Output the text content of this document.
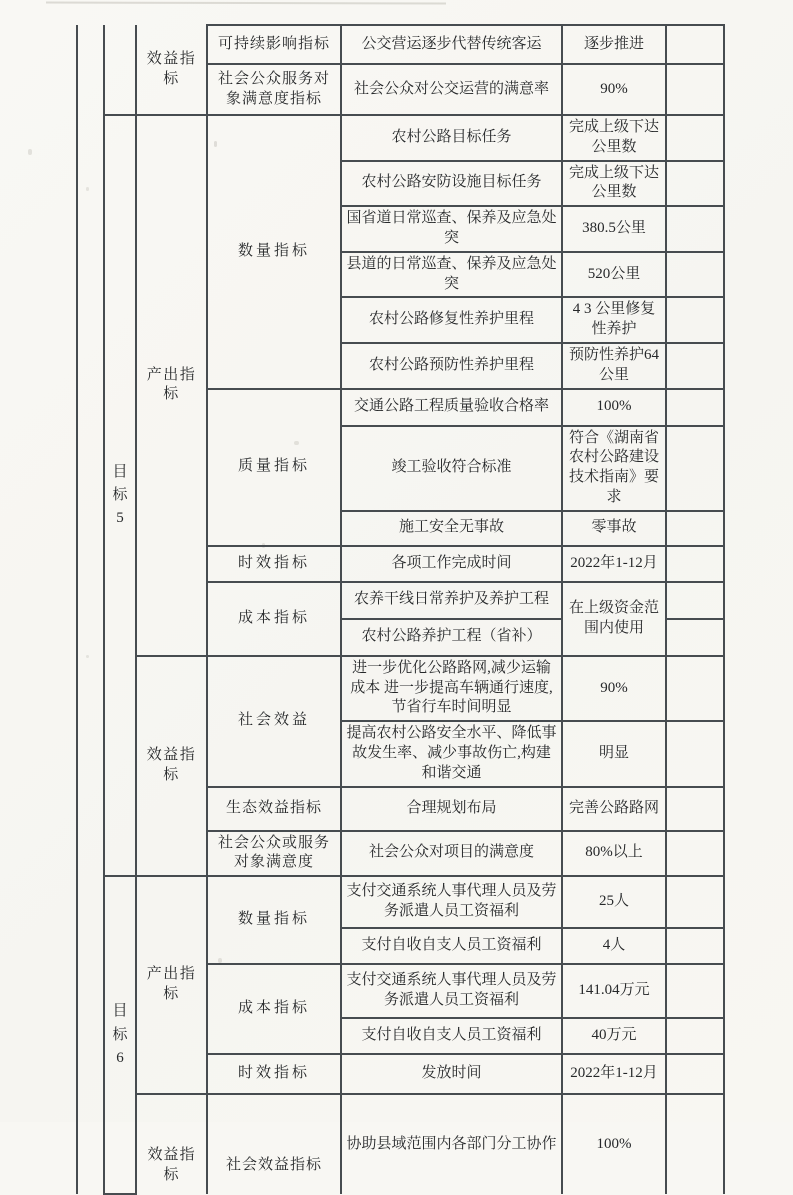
		效益指标	可持续影响指标	公交营运逐步代替传统客运	逐步推进	
			社会公众服务对象满意度指标	社会公众对公交运营的满意率	90%	

	目标5	产出指标	数量指标	农村公路目标任务	完成上级下达公里数	
				农村公路安防设施目标任务	完成上级下达公里数	
				国省道日常巡查、保养及应急处突	380.5公里	
				县道的日常巡查、保养及应急处突	520公里	
				农村公路修复性养护里程	4 3 公里修复性养护	
				农村公路预防性养护里程	预防性养护64公里	
			质量指标	交通公路工程质量验收合格率	100%	
				竣工验收符合标准	符合《湖南省农村公路建设技术指南》要求	
				施工安全无事故	零事故	
			时效指标	各项工作完成时间	2022年1-12月	
			成本指标	农养干线日常养护及养护工程	在上级资金范围内使用	
				农村公路养护工程（省补）		
		效益指标	社会效益	进一步优化公路路网,减少运输成本 进一步提高车辆通行速度,节省行车时间明显	90%	
				提高农村公路安全水平、降低事故发生率、减少事故伤亡,构建和谐交通	明显	
			生态效益指标	合理规划布局	完善公路路网	
			社会公众或服务对象满意度	社会公众对项目的满意度	80%以上	

	目标6	产出指标	数量指标	支付交通系统人事代理人员及劳务派遣人员工资福利	25人	
				支付自收自支人员工资福利	4人	
			成本指标	支付交通系统人事代理人员及劳务派遣人员工资福利	141.04万元	
				支付自收自支人员工资福利	40万元	
			时效指标	发放时间	2022年1-12月	

		效益指标	社会效益指标	协助县域范围内各部门分工协作	100%	
